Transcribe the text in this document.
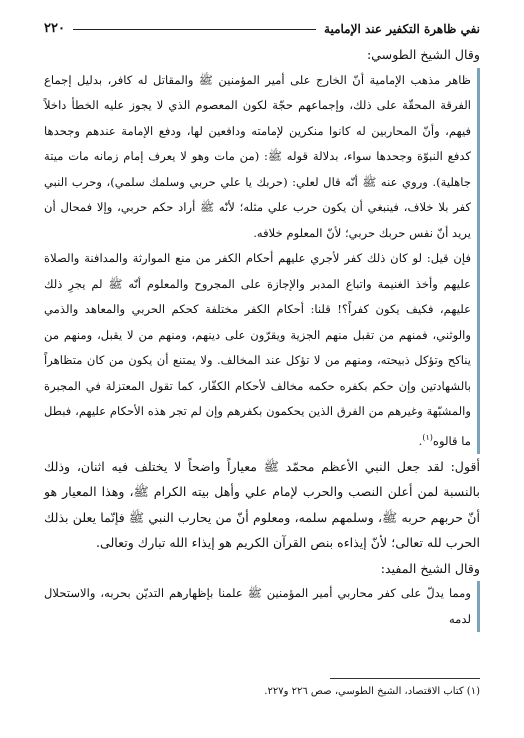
٢٢٠	نفي ظاهرة التكفير عند الإمامية

وقال الشيخ الطوسي:

ظاهر مذهب الإمامية أنّ الخارج على أمير المؤمنين ﷺ والمقاتل له كافر، بدليل إجماع الفرقة المحقّة على ذلك، وإجماعهم حجّة لكون المعصوم الذي لا يجوز عليه الخطأ داخلاً فيهم، وأنّ المحاربين له كانوا منكرين لإمامته ودافعين لها، ودفع الإمامة عندهم وجحدها كدفع النبوّة وجحدها سواء، بدلالة قوله ﷺ: (من مات وهو لا يعرف إمام زمانه مات ميتة جاهلية). وروي عنه ﷺ أنّه قال لعلي: (حربك يا علي حربي وسلمك سلمي)، وحرب النبي كفر بلا خلاف، فينبغي أن يكون حرب علي مثله؛ لأنّه ﷺ أراد حكم حربي، وإلا فمحال أن يريد أنّ نفس حربك حربي؛ لأنّ المعلوم خلافه.

فإن قيل: لو كان ذلك كفر لأجري عليهم أحكام الكفر من منع الموارثة والمدافنة والصلاة عليهم وأخذ الغنيمة واتباع المدبر والإجازة على المجروح والمعلوم أنّه ﷺ لم يجرِ ذلك عليهم، فكيف يكون كفراً؟! قلنا: أحكام الكفر مختلفة كحكم الحربي والمعاهد والذمي والوثني، فمنهم من تقبل منهم الجزية ويقرّون على دينهم، ومنهم من لا يقبل، ومنهم من يناكح وتؤكل ذبيحته، ومنهم من لا تؤكل عند المخالف. ولا يمتنع أن يكون من كان متظاهراً بالشهادتين وإن حكم بكفره حكمه مخالف لأحكام الكفّار، كما تقول المعتزلة في المجبرة والمشبّهة وغيرهم من الفرق الذين يحكمون بكفرهم وإن لم تجر هذه الأحكام عليهم، فبطل ما قالوه$^{(١)}$.

أقول: لقد جعل النبي الأعظم محمّد ﷺ معياراً واضحاً لا يختلف فيه اثنان، وذلك بالنسبة لمن أعلن النصب والحرب لإمام علي وأهل بيته الكرام ﷺ، وهذا المعيار هو أنّ حربهم حربه ﷺ، وسلمهم سلمه، ومعلوم أنّ من يحارب النبي ﷺ فإنّما يعلن بذلك الحرب لله تعالى؛ لأنّ إيذاءه بنص القرآن الكريم هو إيذاء الله تبارك وتعالى.

وقال الشيخ المفيد:

ومما يدلّ على كفر محاربي أمير المؤمنين ﷺ علمنا بإظهارهم التديّن بحربه، والاستحلال لدمه

(١) كتاب الاقتصاد، الشيخ الطوسي، صص ٢٢٦ و٢٢٧.
